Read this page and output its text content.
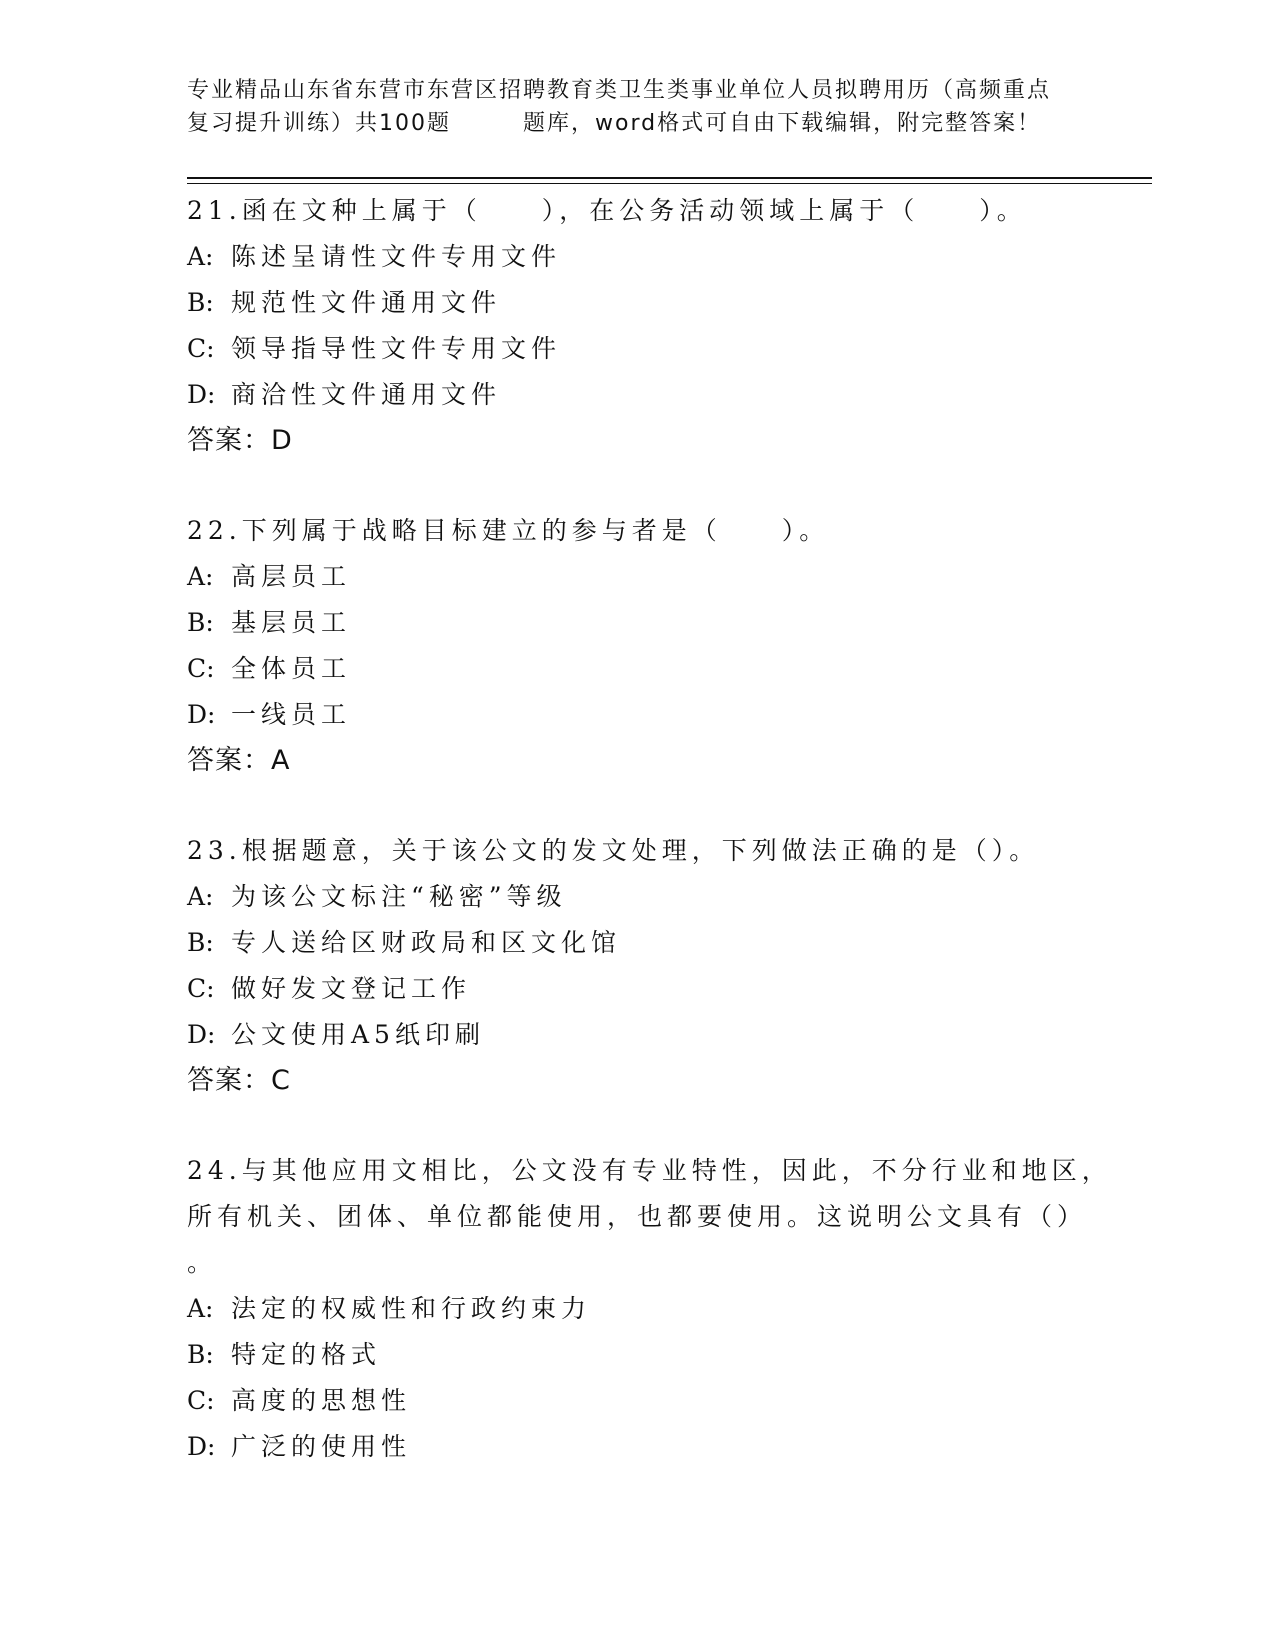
专业精品山东省东营市东营区招聘教育类卫生类事业单位人员拟聘用历（高频重点
复习提升训练）共100题	题库，word格式可自由下载编辑，附完整答案！
21.函在文种上属于（　　），在公务活动领域上属于（　　）。
A: 陈述呈请性文件专用文件
B: 规范性文件通用文件
C: 领导指导性文件专用文件
D: 商洽性文件通用文件
答案：D
22.下列属于战略目标建立的参与者是（　　）。
A: 高层员工
B: 基层员工
C: 全体员工
D: 一线员工
答案：A
23.根据题意，关于该公文的发文处理，下列做法正确的是（）。
A: 为该公文标注“秘密”等级
B: 专人送给区财政局和区文化馆
C: 做好发文登记工作
D: 公文使用A5纸印刷
答案：C
24.与其他应用文相比，公文没有专业特性，因此，不分行业和地区，
所有机关、团体、单位都能使用，也都要使用。这说明公文具有（）
。
A: 法定的权威性和行政约束力
B: 特定的格式
C: 高度的思想性
D: 广泛的使用性
